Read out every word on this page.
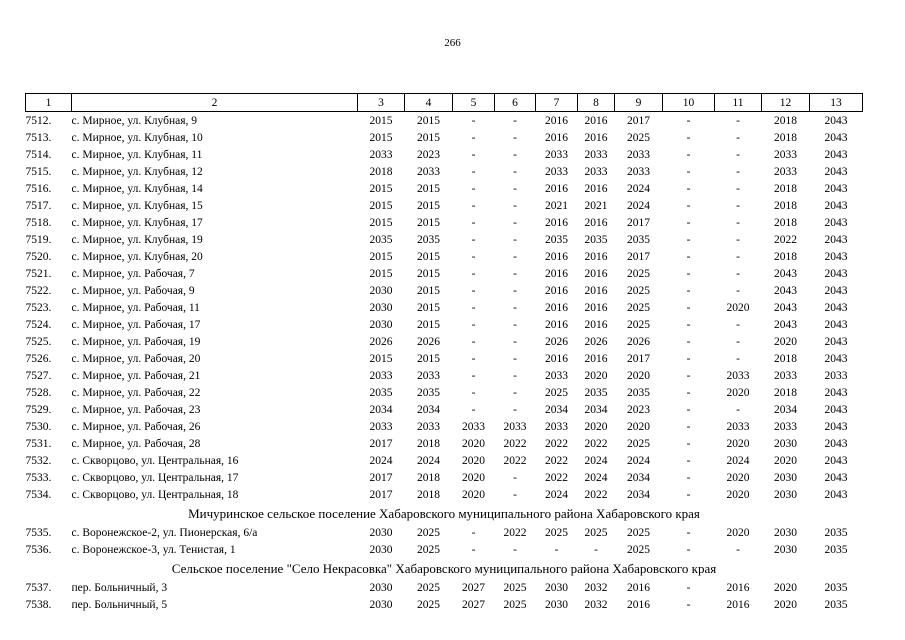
266
1	2	3	4	5	6	7	8	9	10	11	12	13
7512.	с. Мирное, ул. Клубная, 9	2015	2015	-	-	2016	2016	2017	-	-	2018	2043
7513.	с. Мирное, ул. Клубная, 10	2015	2015	-	-	2016	2016	2025	-	-	2018	2043
7514.	с. Мирное, ул. Клубная, 11	2033	2023	-	-	2033	2033	2033	-	-	2033	2043
7515.	с. Мирное, ул. Клубная, 12	2018	2033	-	-	2033	2033	2033	-	-	2033	2043
7516.	с. Мирное, ул. Клубная, 14	2015	2015	-	-	2016	2016	2024	-	-	2018	2043
7517.	с. Мирное, ул. Клубная, 15	2015	2015	-	-	2021	2021	2024	-	-	2018	2043
7518.	с. Мирное, ул. Клубная, 17	2015	2015	-	-	2016	2016	2017	-	-	2018	2043
7519.	с. Мирное, ул. Клубная, 19	2035	2035	-	-	2035	2035	2035	-	-	2022	2043
7520.	с. Мирное, ул. Клубная, 20	2015	2015	-	-	2016	2016	2017	-	-	2018	2043
7521.	с. Мирное, ул. Рабочая, 7	2015	2015	-	-	2016	2016	2025	-	-	2043	2043
7522.	с. Мирное, ул. Рабочая, 9	2030	2015	-	-	2016	2016	2025	-	-	2043	2043
7523.	с. Мирное, ул. Рабочая, 11	2030	2015	-	-	2016	2016	2025	-	2020	2043	2043
7524.	с. Мирное, ул. Рабочая, 17	2030	2015	-	-	2016	2016	2025	-	-	2043	2043
7525.	с. Мирное, ул. Рабочая, 19	2026	2026	-	-	2026	2026	2026	-	-	2020	2043
7526.	с. Мирное, ул. Рабочая, 20	2015	2015	-	-	2016	2016	2017	-	-	2018	2043
7527.	с. Мирное, ул. Рабочая, 21	2033	2033	-	-	2033	2020	2020	-	2033	2033	2033
7528.	с. Мирное, ул. Рабочая, 22	2035	2035	-	-	2025	2035	2035	-	2020	2018	2043
7529.	с. Мирное, ул. Рабочая, 23	2034	2034	-	-	2034	2034	2023	-	-	2034	2043
7530.	с. Мирное, ул. Рабочая, 26	2033	2033	2033	2033	2033	2020	2020	-	2033	2033	2043
7531.	с. Мирное, ул. Рабочая, 28	2017	2018	2020	2022	2022	2022	2025	-	2020	2030	2043
7532.	с. Скворцово, ул. Центральная, 16	2024	2024	2020	2022	2022	2024	2024	-	2024	2020	2043
7533.	с. Скворцово, ул. Центральная, 17	2017	2018	2020	-	2022	2024	2034	-	2020	2030	2043
7534.	с. Скворцово, ул. Центральная, 18	2017	2018	2020	-	2024	2022	2034	-	2020	2030	2043
Мичуринское сельское поселение Хабаровского муниципального района Хабаровского края												
7535.	с. Воронежское-2, ул. Пионерская, 6/а	2030	2025	-	2022	2025	2025	2025	-	2020	2030	2035
7536.	с. Воронежское-3, ул. Тенистая, 1	2030	2025	-	-	-	-	2025	-	-	2030	2035
Сельское поселение "Село Некрасовка" Хабаровского муниципального района Хабаровского края												
7537.	пер. Больничный, 3	2030	2025	2027	2025	2030	2032	2016	-	2016	2020	2035
7538.	пер. Больничный, 5	2030	2025	2027	2025	2030	2032	2016	-	2016	2020	2035
